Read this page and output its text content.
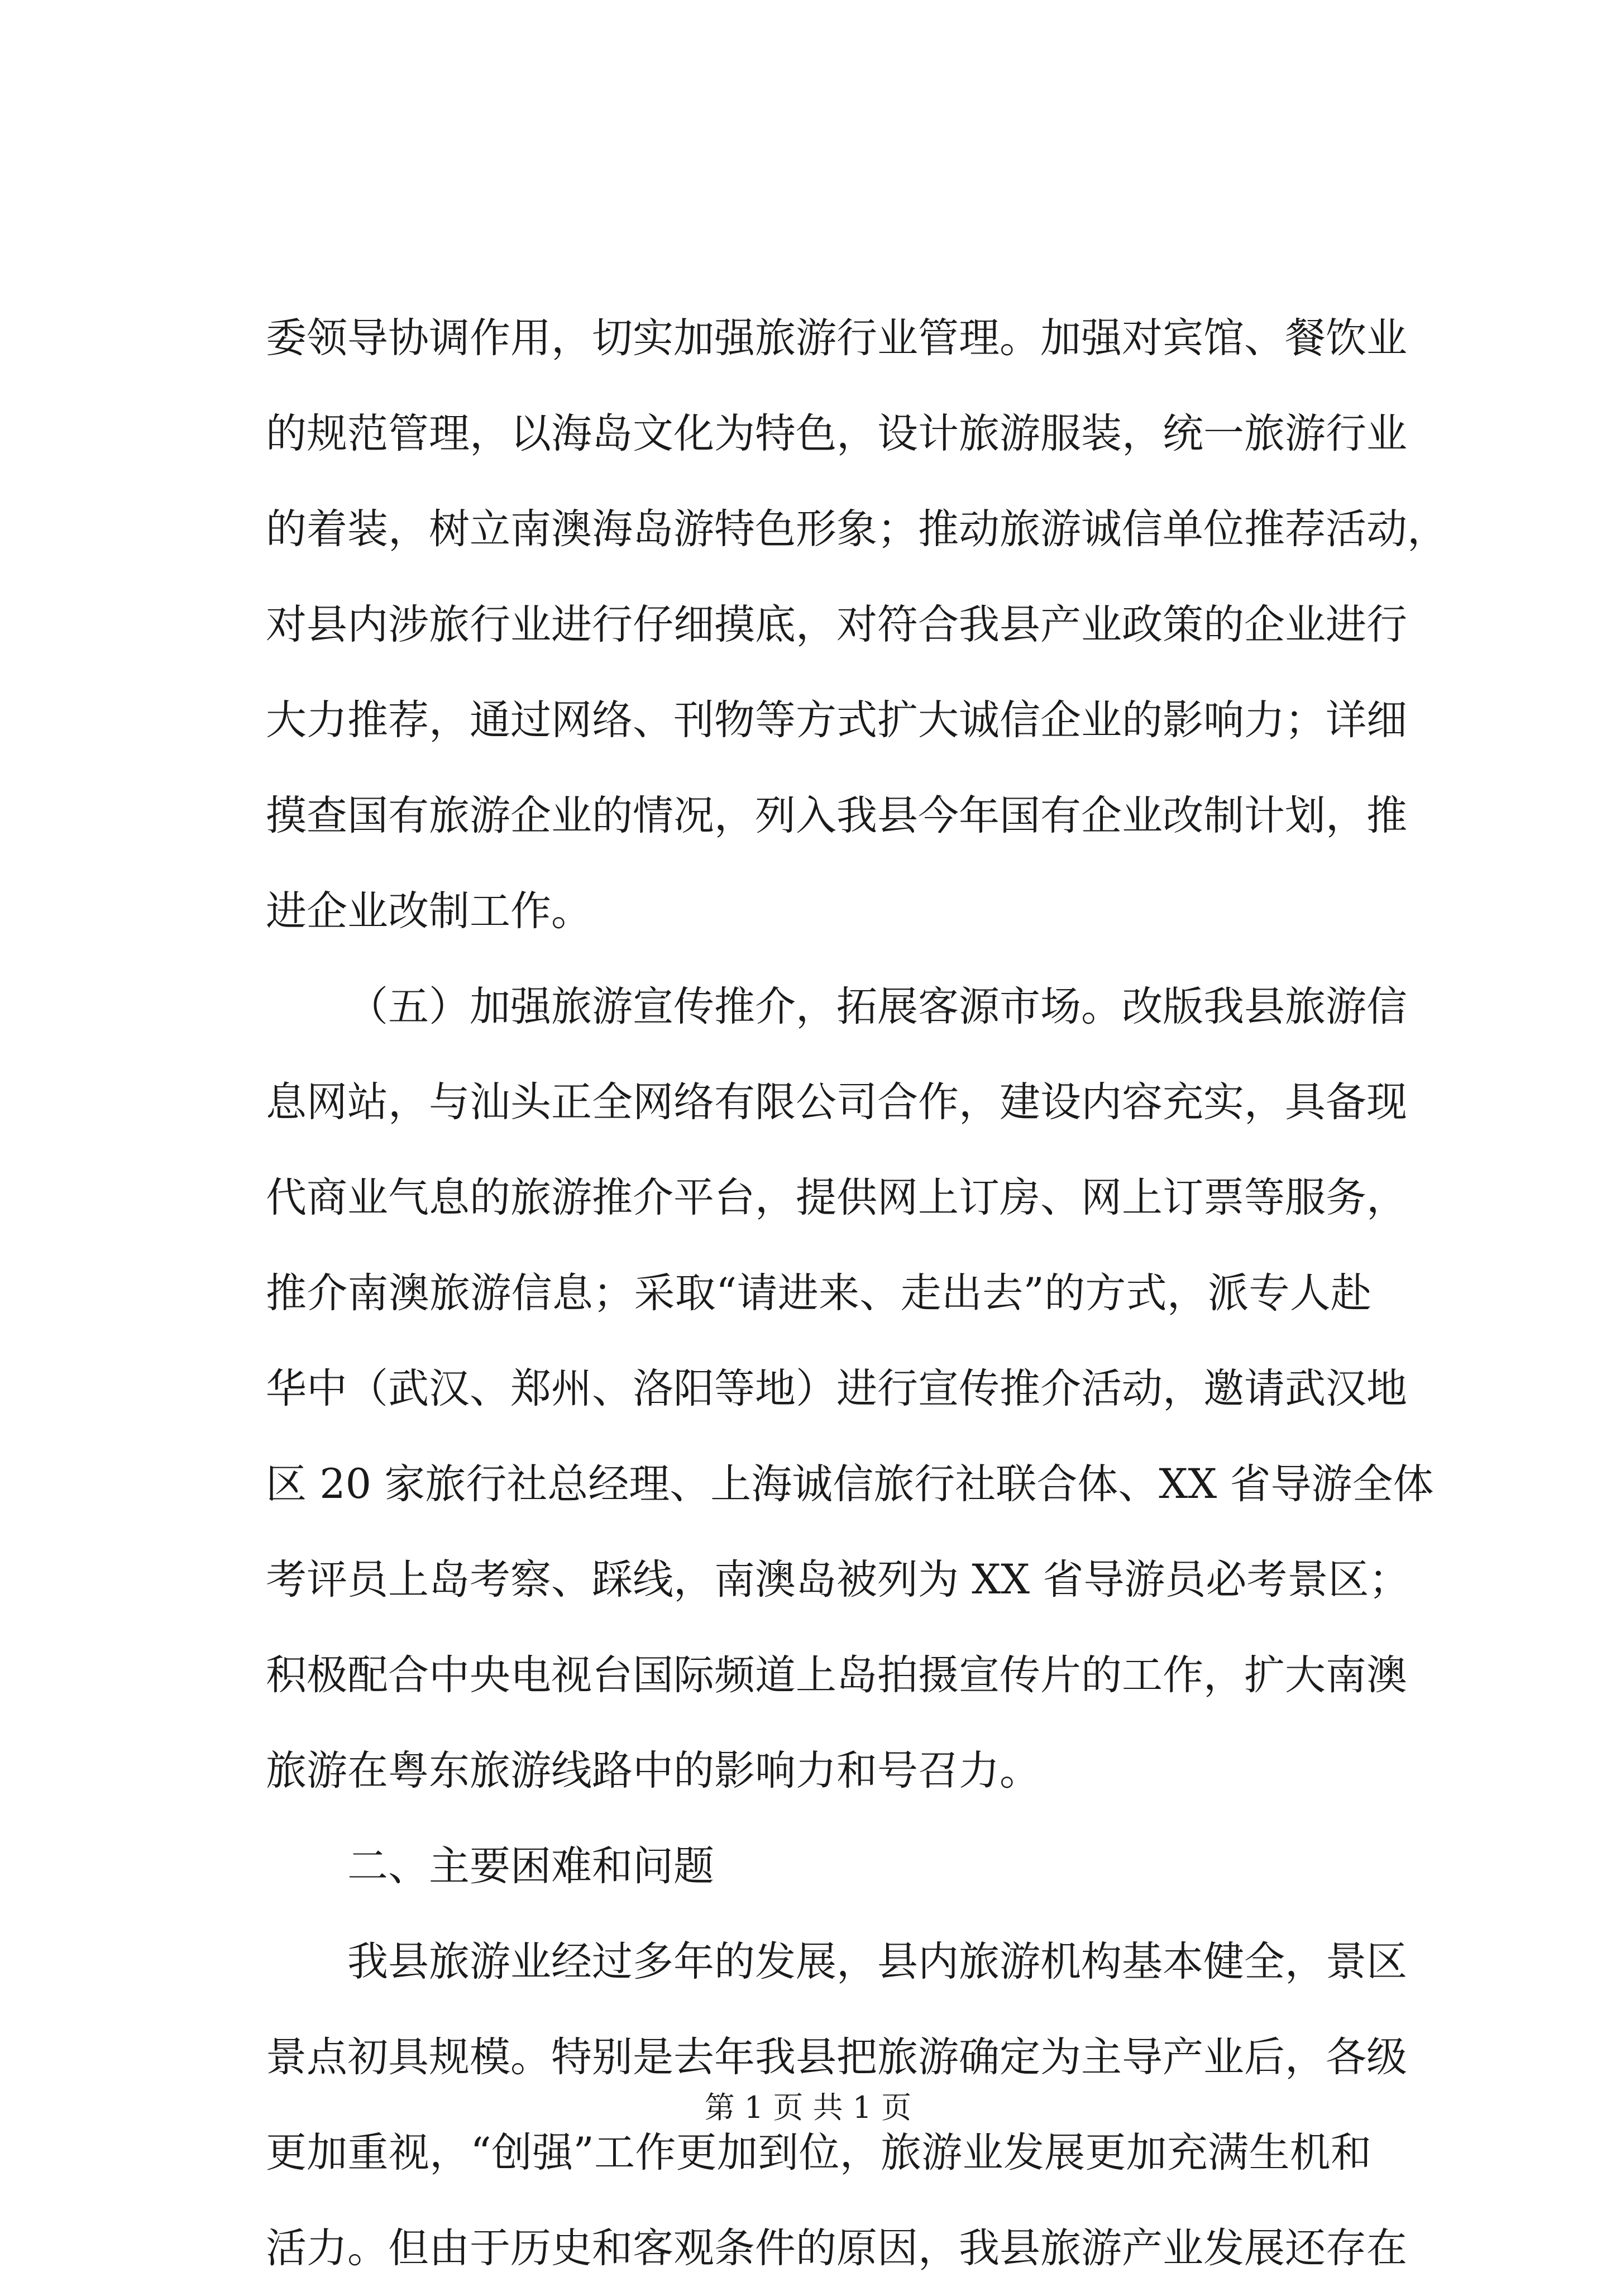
委领导协调作用，切实加强旅游行业管理。加强对宾馆、餐饮业
的规范管理，以海岛文化为特色，设计旅游服装，统一旅游行业
的着装，树立南澳海岛游特色形象；推动旅游诚信单位推荐活动，
对县内涉旅行业进行仔细摸底，对符合我县产业政策的企业进行
大力推荐，通过网络、刊物等方式扩大诚信企业的影响力；详细
摸查国有旅游企业的情况，列入我县今年国有企业改制计划，推
进企业改制工作。
（五）加强旅游宣传推介，拓展客源市场。改版我县旅游信
息网站，与汕头正全网络有限公司合作，建设内容充实，具备现
代商业气息的旅游推介平台，提供网上订房、网上订票等服务，
推介南澳旅游信息；采取“请进来、走出去”的方式，派专人赴
华中（武汉、郑州、洛阳等地）进行宣传推介活动，邀请武汉地
区 20 家旅行社总经理、上海诚信旅行社联合体、XX 省导游全体
考评员上岛考察、踩线，南澳岛被列为 XX 省导游员必考景区；
积极配合中央电视台国际频道上岛拍摄宣传片的工作，扩大南澳
旅游在粤东旅游线路中的影响力和号召力。
二、主要困难和问题
我县旅游业经过多年的发展，县内旅游机构基本健全，景区
景点初具规模。特别是去年我县把旅游确定为主导产业后，各级
更加重视，“创强”工作更加到位，旅游业发展更加充满生机和
活力。但由于历史和客观条件的原因，我县旅游产业发展还存在
第 1 页 共 1 页
